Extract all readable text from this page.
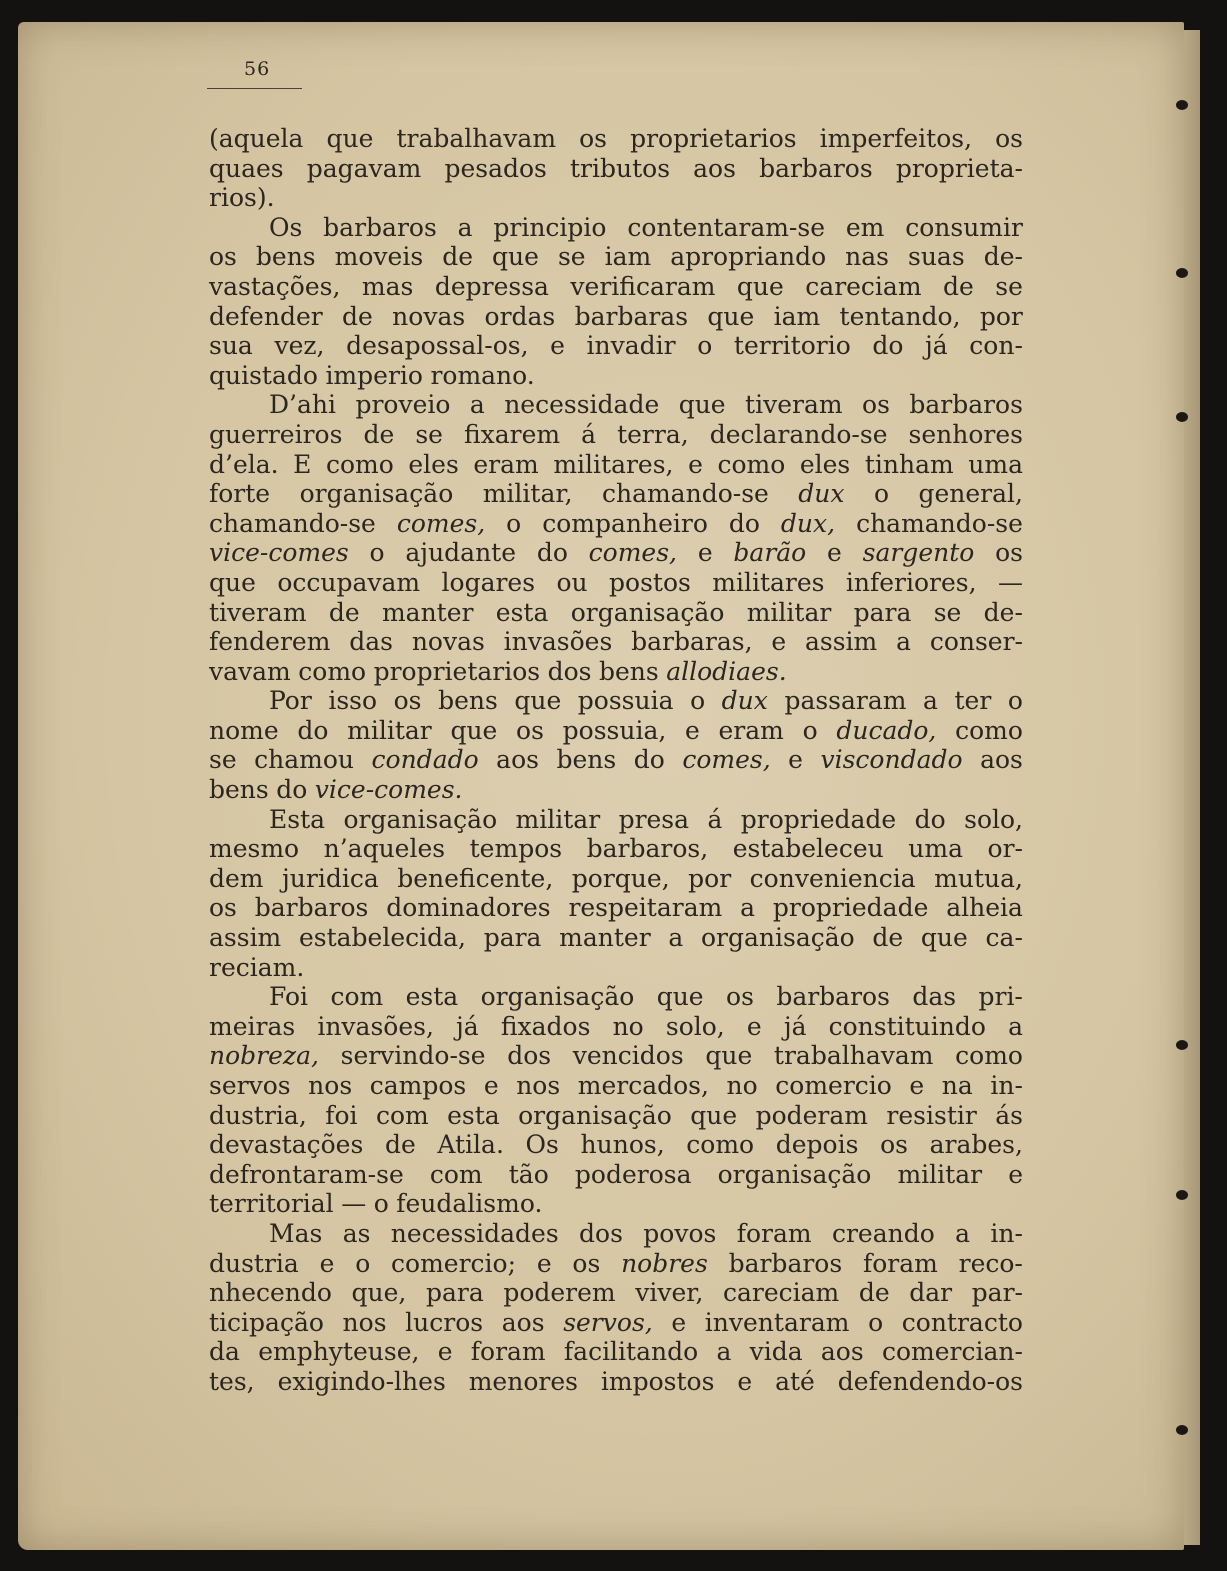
56
(aquela que trabalhavam os proprietarios imperfeitos, os
quaes pagavam pesados tributos aos barbaros proprieta-
rios).
Os barbaros a principio contentaram-se em consumir
os bens moveis de que se iam apropriando nas suas de-
vastações, mas depressa verificaram que careciam de se
defender de novas ordas barbaras que iam tentando, por
sua vez, desapossal-os, e invadir o territorio do já con-
quistado imperio romano.
D’ahi proveio a necessidade que tiveram os barbaros
guerreiros de se fixarem á terra, declarando-se senhores
d’ela. E como eles eram militares, e como eles tinham uma
forte organisação militar, chamando-se dux o general,
chamando-se comes, o companheiro do dux, chamando-se
vice-comes o ajudante do comes, e barão e sargento os
que occupavam logares ou postos militares inferiores, —
tiveram de manter esta organisação militar para se de-
fenderem das novas invasões barbaras, e assim a conser-
vavam como proprietarios dos bens allodiaes.
Por isso os bens que possuia o dux passaram a ter o
nome do militar que os possuia, e eram o ducado, como
se chamou condado aos bens do comes, e viscondado aos
bens do vice-comes.
Esta organisação militar presa á propriedade do solo,
mesmo n’aqueles tempos barbaros, estabeleceu uma or-
dem juridica beneficente, porque, por conveniencia mutua,
os barbaros dominadores respeitaram a propriedade alheia
assim estabelecida, para manter a organisação de que ca-
reciam.
Foi com esta organisação que os barbaros das pri-
meiras invasões, já fixados no solo, e já constituindo a
nobreza, servindo-se dos vencidos que trabalhavam como
servos nos campos e nos mercados, no comercio e na in-
dustria, foi com esta organisação que poderam resistir ás
devastações de Atila. Os hunos, como depois os arabes,
defrontaram-se com tão poderosa organisação militar e
territorial — o feudalismo.
Mas as necessidades dos povos foram creando a in-
dustria e o comercio; e os nobres barbaros foram reco-
nhecendo que, para poderem viver, careciam de dar par-
ticipação nos lucros aos servos, e inventaram o contracto
da emphyteuse, e foram facilitando a vida aos comercian-
tes, exigindo-lhes menores impostos e até defendendo-os
